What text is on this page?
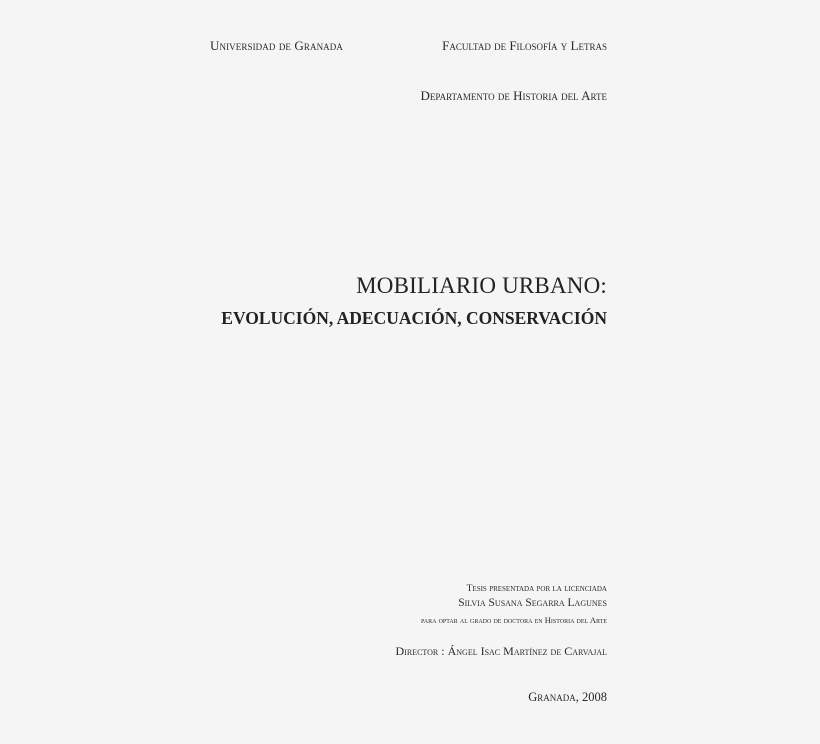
Universidad de Granada	Facultad de Filosofía y Letras
Departamento de Historia del Arte
MOBILIARIO URBANO:
EVOLUCIÓN, ADECUACIÓN, CONSERVACIÓN
Tesis presentada por la licenciada
Silvia Susana Segarra Lagunes
para optar al grado de doctora en Historia del Arte
Director : Ángel Isac Martínez de Carvajal
Granada, 2008
